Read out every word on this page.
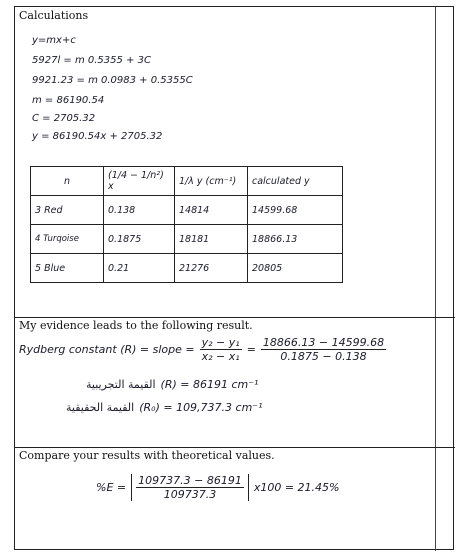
Calculations
y=mx+c
5927l = m 0.5355 + 3C
9921.23 = m 0.0983 + 0.5355C
m = 86190.54
C = 2705.32
y = 86190.54x + 2705.32
n	(1/4 − 1/n²) x	1/λ y (cm⁻¹)	calculated y
3 Red	0.138	14814	14599.68
4 Turqoise	0.1875	18181	18866.13
5 Blue	0.21	21276	20805
My evidence leads to the following result.
Rydberg constant (R) = slope = $\frac{\text{y₂ − y₁}}{\text{x₂ − x₁}} = \frac{18866.13 - 14599.68}{0.1875 - 0.138}$
القيمة التجريبية (R) = 86191 cm⁻¹
القيمة الحقيقية (R₀) = 109,737.3 cm⁻¹
Compare your results with theoretical values.
$\%E = \frac{109737.3 - 86191}{109737.3} x100 = 21.45\%$
